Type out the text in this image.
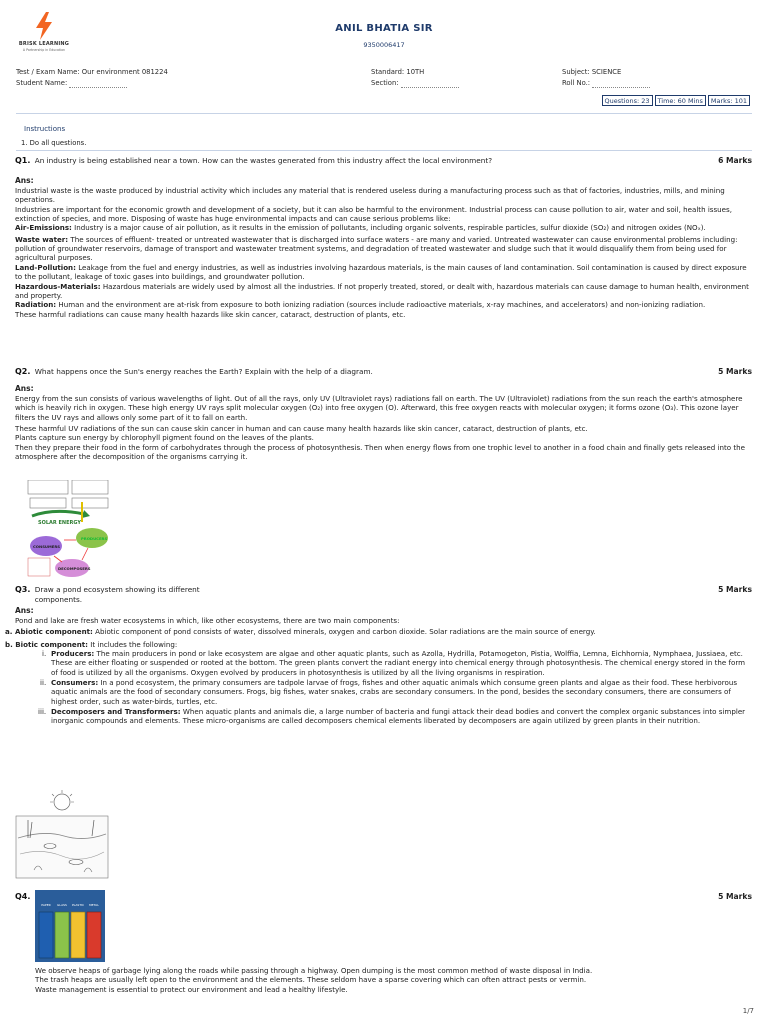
BRISK LEARNING
A Partnership in Education
ANIL BHATIA SIR
9350006417
Test / Exam Name: Our environment 081224
Student Name:
Standard: 10TH
Section:
Subject: SCIENCE
Roll No.:
Questions: 23	Time: 60 Mins	Marks: 101
Instructions
1. Do all questions.
Q1. An industry is being established near a town. How can the wastes generated from this industry affect the local environment?	6 Marks
Ans:

Industrial waste is the waste produced by industrial activity which includes any material that is rendered useless during a manufacturing process such as that of factories, industries, mills, and mining operations.

Industries are important for the economic growth and development of a society, but it can also be harmful to the environment. Industrial process can cause pollution to air, water and soil, health issues, extinction of species, and more. Disposing of waste has huge environmental impacts and can cause serious problems like:

Air-Emissions: Industry is a major cause of air pollution, as it results in the emission of pollutants, including organic solvents, respirable particles, sulfur dioxide (SO₂) and nitrogen oxides (NOₓ).

Waste water: The sources of effluent- treated or untreated wastewater that is discharged into surface waters - are many and varied. Untreated wastewater can cause environmental problems including: pollution of groundwater reservoirs, damage of transport and wastewater treatment systems, and degradation of treated wastewater and sludge such that it would disqualify them from being used for agricultural purposes.

Land-Pollution: Leakage from the fuel and energy industries, as well as industries involving hazardous materials, is the main causes of land contamination. Soil contamination is caused by direct exposure to the pollutant, leakage of toxic gases into buildings, and groundwater pollution.

Hazardous-Materials: Hazardous materials are widely used by almost all the industries. If not properly treated, stored, or dealt with, hazardous materials can cause damage to human health, environment and property.

Radiation: Human and the environment are at-risk from exposure to both ionizing radiation (sources include radioactive materials, x-ray machines, and accelerators) and non-ionizing radiation.

These harmful radiations can cause many health hazards like skin cancer, cataract, destruction of plants, etc.

Q2. What happens once the Sun's energy reaches the Earth? Explain with the help of a diagram.	5 Marks
Ans:

Energy from the sun consists of various wavelengths of light. Out of all the rays, only UV (Ultraviolet rays) radiations fall on earth. The UV (Ultraviolet) radiations from the sun reach the earth's atmosphere which is heavily rich in oxygen. These high energy UV rays split molecular oxygen (O₂) into free oxygen (O). Afterward, this free oxygen reacts with molecular oxygen; it forms ozone (O₃). This ozone layer filters the UV rays and allows only some part of it to fall on earth.

These harmful UV radiations of the sun can cause skin cancer in human and can cause many health hazards like skin cancer, cataract, destruction of plants, etc.

Plants capture sun energy by chlorophyll pigment found on the leaves of the plants.

Then they prepare their food in the form of carbohydrates through the process of photosynthesis. Then when energy flows from one trophic level to another in a food chain and finally gets released into the atmosphere after the decomposition of the organisms carrying it.

SOLAR ENERGY
PRODUCERS
CONSUMERS
DECOMPOSERS
Q3. Draw a pond ecosystem showing its different components.
5 Marks
Ans:

Pond and lake are fresh water ecosystems in which, like other ecosystems, there are two main components:

a. Abiotic component: Abiotic component of pond consists of water, dissolved minerals, oxygen and carbon dioxide. Solar radiations are the main source of energy.

b. Biotic component: It includes the following:

i. Producers: The main producers in pond or lake ecosystem are algae and other aquatic plants, such as Azolla, Hydrilla, Potamogeton, Pistia, Wolffia, Lemna, Eichhornia, Nymphaea, Jussiaea, etc. These are either floating or suspended or rooted at the bottom. The green plants convert the radiant energy into chemical energy through photosynthesis. The chemical energy stored in the form of food is utilized by all the organisms. Oxygen evolved by producers in photosynthesis is utilized by all the living organisms in respiration.

ii. Consumers: In a pond ecosystem, the primary consumers are tadpole larvae of frogs, fishes and other aquatic animals which consume green plants and algae as their food. These herbivorous aquatic animals are the food of secondary consumers. Frogs, big fishes, water snakes, crabs are secondary consumers. In the pond, besides the secondary consumers, there are consumers of highest order, such as water-birds, turtles, etc.

iii. Decomposers and Transformers: When aquatic plants and animals die, a large number of bacteria and fungi attack their dead bodies and convert the complex organic substances into simpler inorganic compounds and elements. These micro-organisms are called decomposers chemical elements liberated by decomposers are again utilized by green plants in their nutrition.

Q4.	5 Marks
PAPER GLASS PLASTIC METAL

We observe heaps of garbage lying along the roads while passing through a highway. Open dumping is the most common method of waste disposal in India.

The trash heaps are usually left open to the environment and the elements. These seldom have a sparse covering which can often attract pests or vermin.

Waste management is essential to protect our environment and lead a healthy lifestyle.

1/7
